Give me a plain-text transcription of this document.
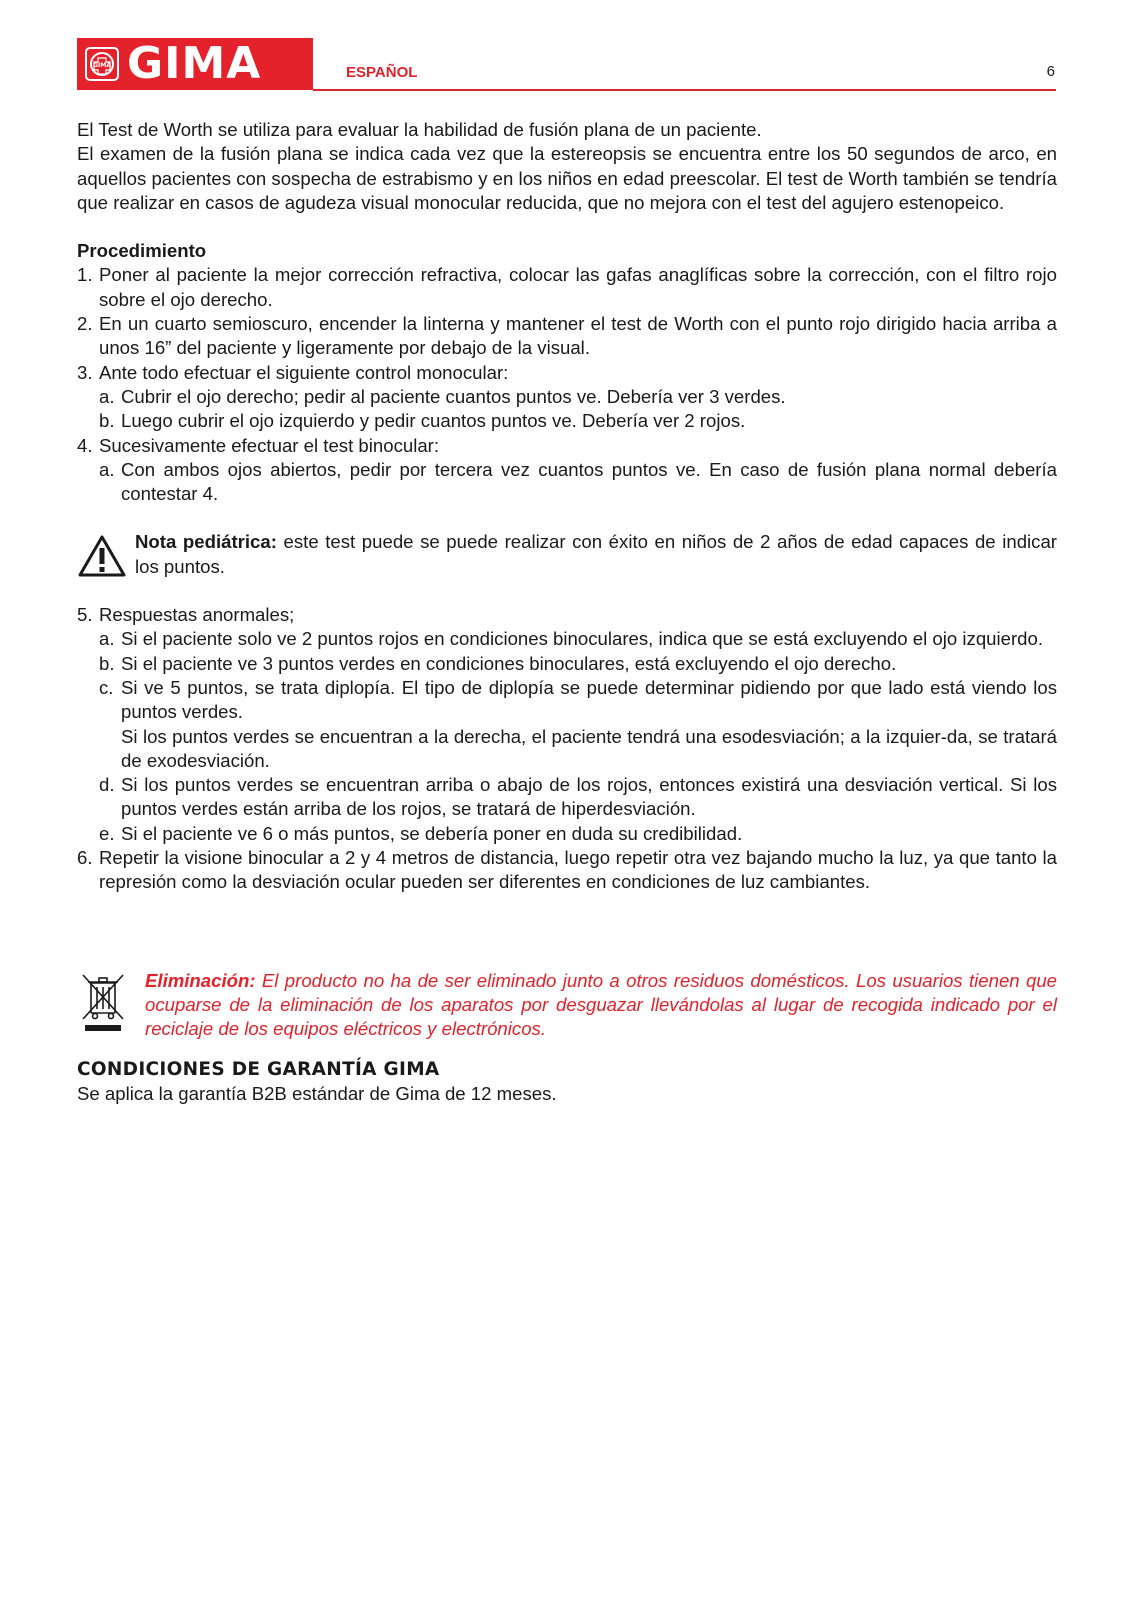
GIMA GIMA	ESPAÑOL	6

El Test de Worth se utiliza para evaluar la habilidad de fusión plana de un paciente.

El examen de la fusión plana se indica cada vez que la estereopsis se encuentra entre los 50 segundos de arco, en aquellos pacientes con sospecha de estrabismo y en los niños en edad preescolar. El test de Worth también se tendría que realizar en casos de agudeza visual monocular reducida, que no mejora con el test del agujero estenopeico.

Procedimiento

1. Poner al paciente la mejor corrección refractiva, colocar las gafas anaglíficas sobre la corrección, con el filtro rojo sobre el ojo derecho.
2. En un cuarto semioscuro, encender la linterna y mantener el test de Worth con el punto rojo dirigido hacia arriba a unos 16” del paciente y ligeramente por debajo de la visual.
3. Ante todo efectuar el siguiente control monocular:
a. Cubrir el ojo derecho; pedir al paciente cuantos puntos ve. Debería ver 3 verdes.
b. Luego cubrir el ojo izquierdo y pedir cuantos puntos ve. Debería ver 2 rojos.
4. Sucesivamente efectuar el test binocular:
a. Con ambos ojos abiertos, pedir por tercera vez cuantos puntos ve. En caso de fusión plana normal debería contestar 4.
Nota pediátrica: este test puede se puede realizar con éxito en niños de 2 años de edad capaces de indicar los puntos.
5. Respuestas anormales;
a. Si el paciente solo ve 2 puntos rojos en condiciones binoculares, indica que se está excluyendo el ojo izquierdo.
b. Si el paciente ve 3 puntos verdes en condiciones binoculares, está excluyendo el ojo derecho.
c. Si ve 5 puntos, se trata diplopía. El tipo de diplopía se puede determinar pidiendo por que lado está viendo los puntos verdes.

Si los puntos verdes se encuentran a la derecha, el paciente tendrá una esodesviación; a la izquier-da, se tratará de exodesviación.

d. Si los puntos verdes se encuentran arriba o abajo de los rojos, entonces existirá una desviación vertical. Si los puntos verdes están arriba de los rojos, se tratará de hiperdesviación.
e. Si el paciente ve 6 o más puntos, se debería poner en duda su credibilidad.
6. Repetir la visione binocular a 2 y 4 metros de distancia, luego repetir otra vez bajando mucho la luz, ya que tanto la represión como la desviación ocular pueden ser diferentes en condiciones de luz cambiantes.
Eliminación: El producto no ha de ser eliminado junto a otros residuos domésticos. Los usuarios tienen que ocuparse de la eliminación de los aparatos por desguazar llevándolas al lugar de recogida indicado por el reciclaje de los equipos eléctricos y electrónicos.

CONDICIONES DE GARANTÍA GIMA

Se aplica la garantía B2B estándar de Gima de 12 meses.
